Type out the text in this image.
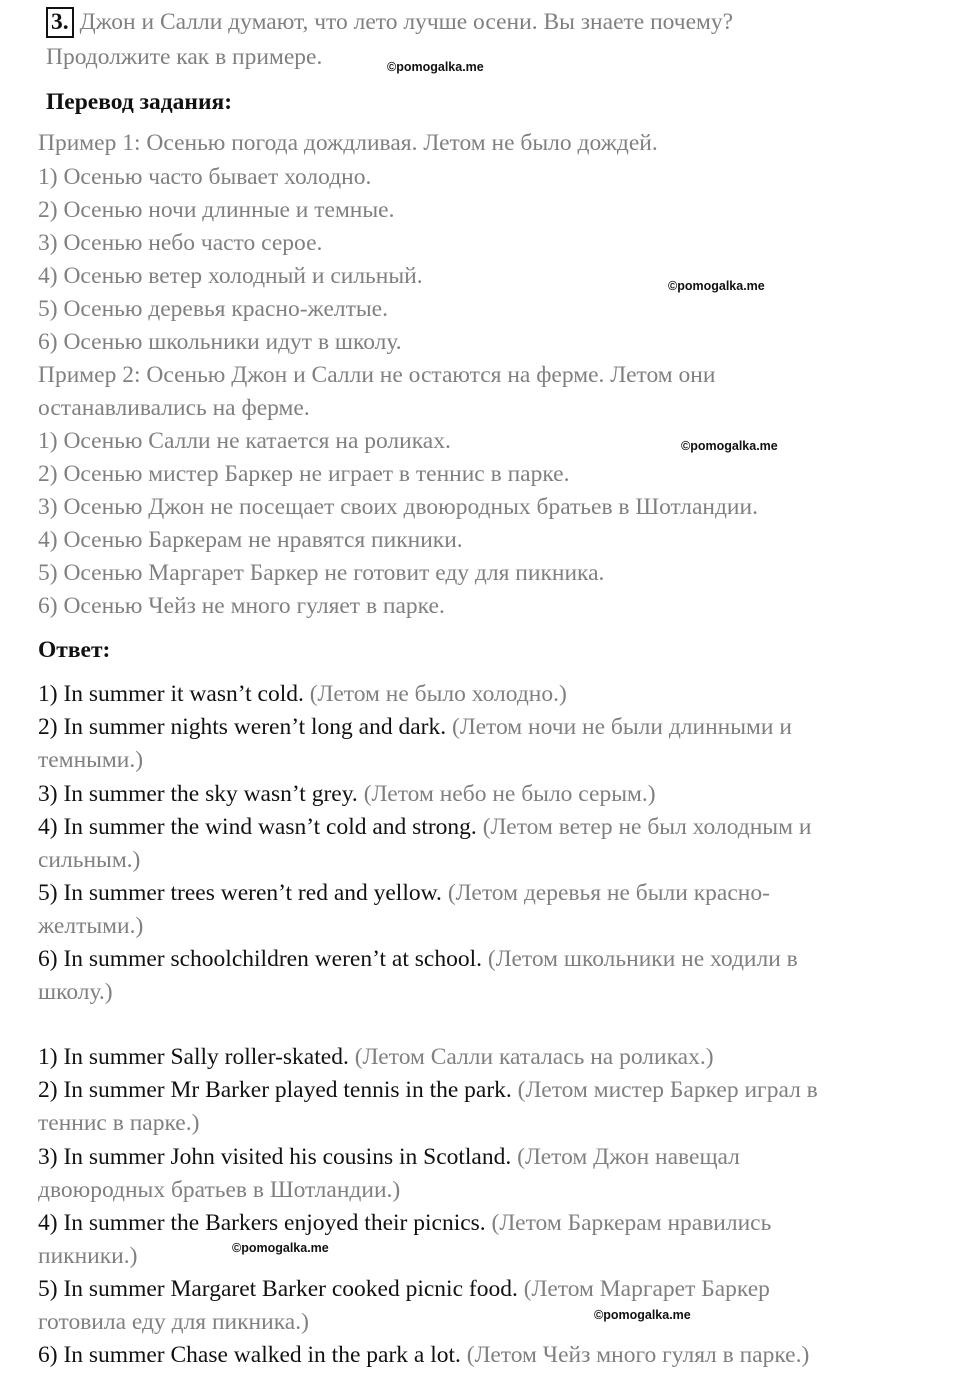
3. Джон и Салли думают, что лето лучше осени. Вы знаете почему?
Продолжите как в примере.
Перевод задания:
Пример 1: Осенью погода дождливая. Летом не было дождей.
1) Осенью часто бывает холодно.
2) Осенью ночи длинные и темные.
3) Осенью небо часто серое.
4) Осенью ветер холодный и сильный.
5) Осенью деревья красно-желтые.
6) Осенью школьники идут в школу.
Пример 2: Осенью Джон и Салли не остаются на ферме. Летом они
останавливались на ферме.
1) Осенью Салли не катается на роликах.
2) Осенью мистер Баркер не играет в теннис в парке.
3) Осенью Джон не посещает своих двоюродных братьев в Шотландии.
4) Осенью Баркерам не нравятся пикники.
5) Осенью Маргарет Баркер не готовит еду для пикника.
6) Осенью Чейз не много гуляет в парке.
Ответ:
1) In summer it wasn’t cold. (Летом не было холодно.)
2) In summer nights weren’t long and dark. (Летом ночи не были длинными и
темными.)
3) In summer the sky wasn’t grey. (Летом небо не было серым.)
4) In summer the wind wasn’t cold and strong. (Летом ветер не был холодным и
сильным.)
5) In summer trees weren’t red and yellow. (Летом деревья не были красно-
желтыми.)
6) In summer schoolchildren weren’t at school. (Летом школьники не ходили в
школу.)
1) In summer Sally roller-skated. (Летом Салли каталась на роликах.)
2) In summer Mr Barker played tennis in the park. (Летом мистер Баркер играл в
теннис в парке.)
3) In summer John visited his cousins in Scotland. (Летом Джон навещал
двоюродных братьев в Шотландии.)
4) In summer the Barkers enjoyed their picnics. (Летом Баркерам нравились
пикники.)
5) In summer Margaret Barker cooked picnic food. (Летом Маргарет Баркер
готовила еду для пикника.)
6) In summer Chase walked in the park a lot. (Летом Чейз много гулял в парке.)
©pomogalka.me
©pomogalka.me
©pomogalka.me
©pomogalka.me
©pomogalka.me
